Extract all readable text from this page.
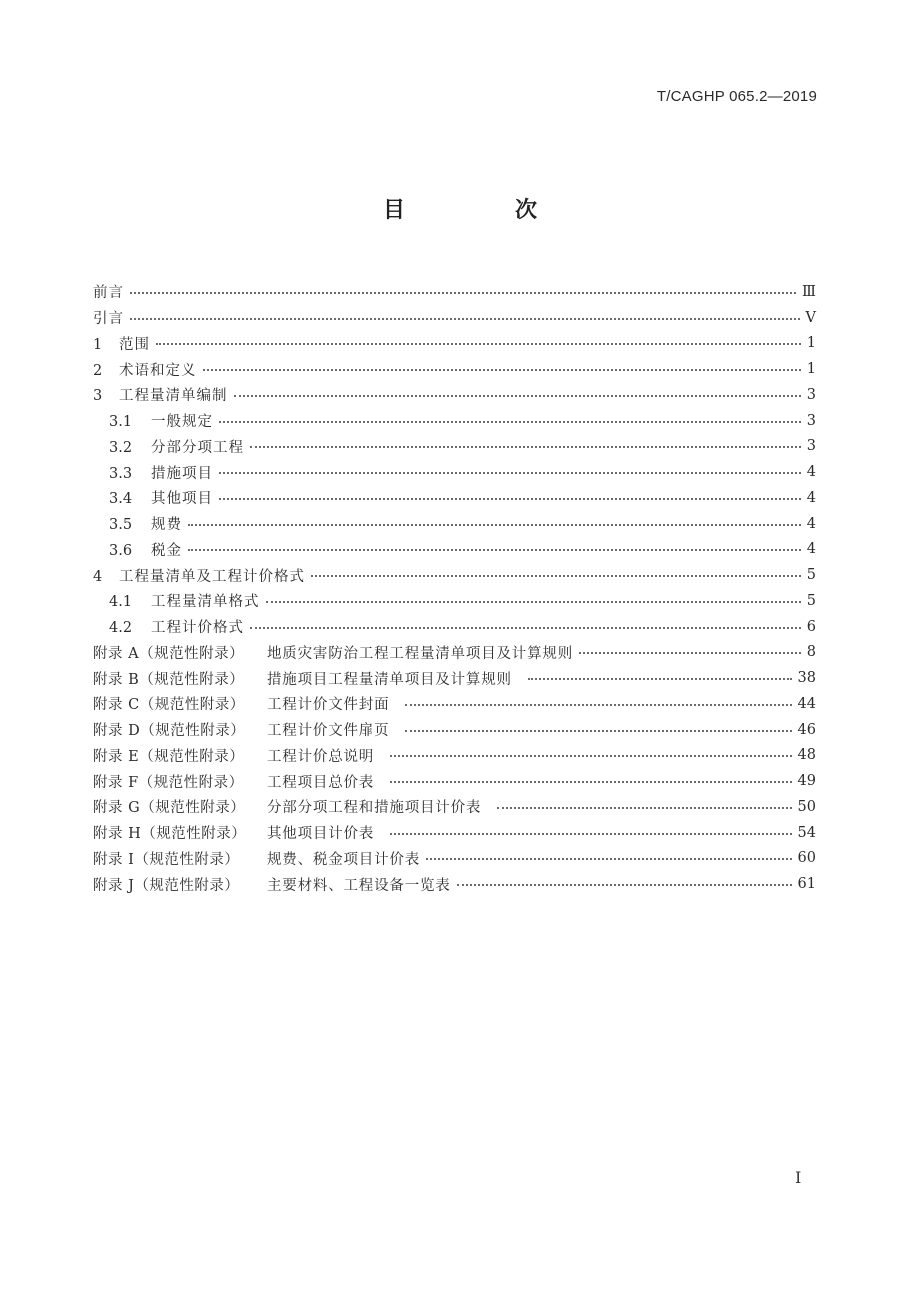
T/CAGHP 065.2—2019
目　次
前言	Ⅲ
引言	Ⅴ
1 范围	1
2 术语和定义	1
3 工程量清单编制	3
3.1 一般规定	3
3.2 分部分项工程	3
3.3 措施项目	4
3.4 其他项目	4
3.5 规费	4
3.6 税金	4
4 工程量清单及工程计价格式	5
4.1 工程量清单格式	5
4.2 工程计价格式	6
附录 A（规范性附录） 地质灾害防治工程工程量清单项目及计算规则	8
附录 B（规范性附录） 措施项目工程量清单项目及计算规则	38
附录 C（规范性附录） 工程计价文件封面	44
附录 D（规范性附录） 工程计价文件扉页	46
附录 E（规范性附录） 工程计价总说明	48
附录 F（规范性附录） 工程项目总价表	49
附录 G（规范性附录） 分部分项工程和措施项目计价表	50
附录 H（规范性附录） 其他项目计价表	54
附录 I（规范性附录） 规费、税金项目计价表	60
附录 J（规范性附录） 主要材料、工程设备一览表	61
Ⅰ
